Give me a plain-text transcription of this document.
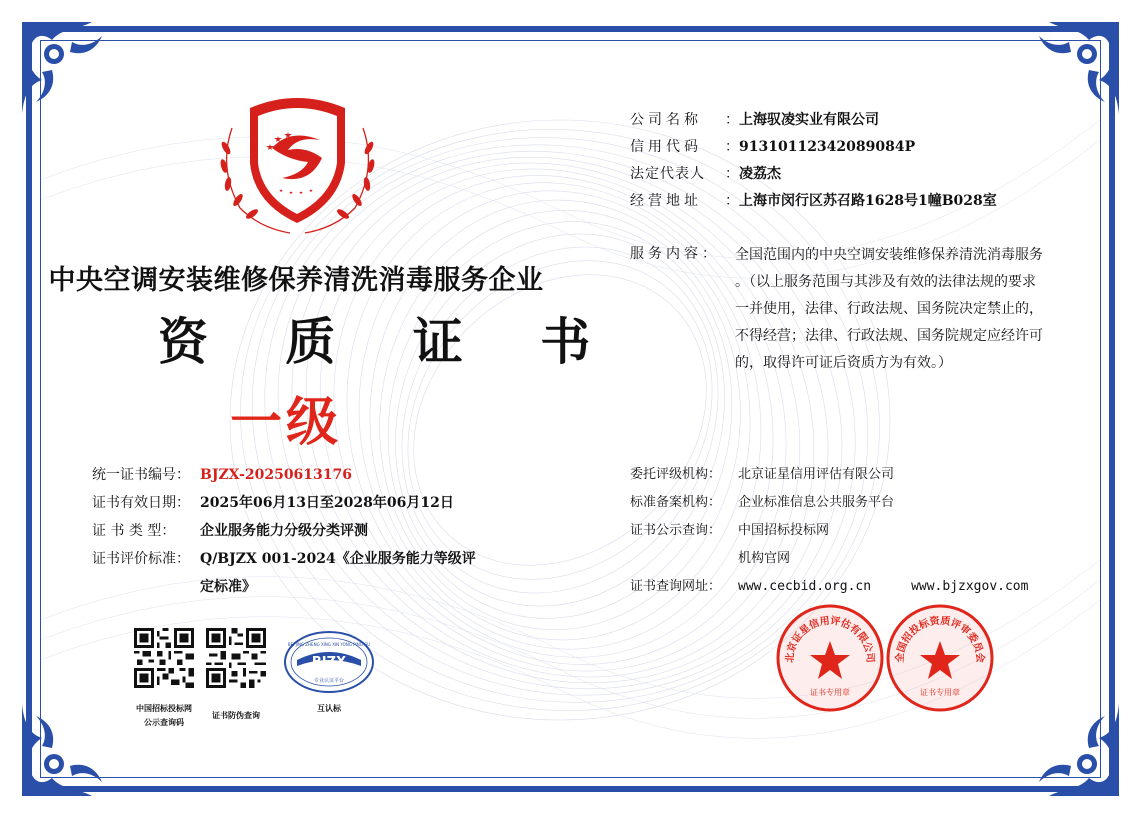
中央空调安装维修保养清洗消毒服务企业
资 质 证 书
一级
公司名称 ：上海驭凌实业有限公司
信用代码 ：91310112342089084P
法定代表人 ：凌荔杰
经营地址 ：上海市闵行区苏召路1628号1幢B028室
服务内容： 全国范围内的中央空调安装维修保养清洗消毒服务
。（以上服务范围与其涉及有效的法律法规的要求
一并使用，法律、行政法规、国务院决定禁止的，
不得经营；法律、行政法规、国务院规定应经许可
的，取得许可证后资质方为有效。）
统一证书编号： BJZX-20250613176
证书有效日期： 2025年06月13日至2028年06月12日
证 书 类 型： 企业服务能力分级分类评测
证书评价标准： Q/BJZX 001-2024《企业服务能力等级评
定标准》
委托评级机构： 北京证星信用评估有限公司
标准备案机构： 企业标准信息公共服务平台
证书公示查询： 中国招标投标网
机构官网
证书查询网址： www.cecbid.org.cn	www.bjzxgov.com
中国招标投标网
公示查询码
证书防伪查询
BJZX
BEI JING ZHENG XING XIN YONG PING GU
专业认证平台
互认标
北京证星信用评估有限公司
证书专用章
全国招投标资质评审委员会
证书专用章
